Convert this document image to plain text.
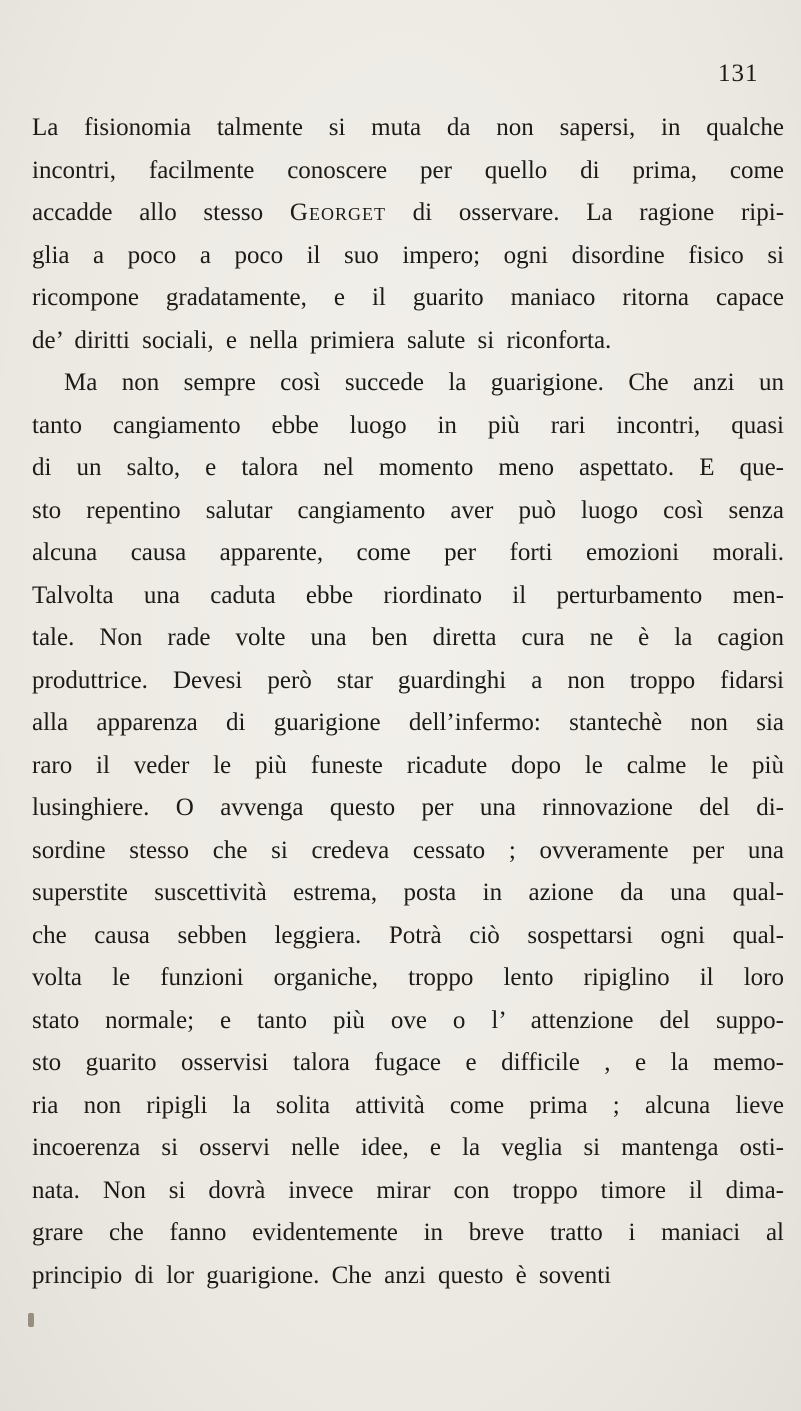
131
La fisionomia talmente si muta da non sapersi, in qualche
incontri, facilmente conoscere per quello di prima, come
accadde allo stesso Georget di osservare. La ragione ripi-
glia a poco a poco il suo impero; ogni disordine fisico si
ricompone gradatamente, e il guarito maniaco ritorna capace
de’ diritti sociali, e nella primiera salute si riconforta.
Ma non sempre così succede la guarigione. Che anzi un
tanto cangiamento ebbe luogo in più rari incontri, quasi
di un salto, e talora nel momento meno aspettato. E que-
sto repentino salutar cangiamento aver può luogo così senza
alcuna causa apparente, come per forti emozioni morali.
Talvolta una caduta ebbe riordinato il perturbamento men-
tale. Non rade volte una ben diretta cura ne è la cagion
produttrice. Devesi però star guardinghi a non troppo fidarsi
alla apparenza di guarigione dell’infermo: stantechè non sia
raro il veder le più funeste ricadute dopo le calme le più
lusinghiere. O avvenga questo per una rinnovazione del di-
sordine stesso che si credeva cessato ; ovveramente per una
superstite suscettività estrema, posta in azione da una qual-
che causa sebben leggiera. Potrà ciò sospettarsi ogni qual-
volta le funzioni organiche, troppo lento ripiglino il loro
stato normale; e tanto più ove o l’ attenzione del suppo-
sto guarito osservisi talora fugace e difficile , e la memo-
ria non ripigli la solita attività come prima ; alcuna lieve
incoerenza si osservi nelle idee, e la veglia si mantenga osti-
nata. Non si dovrà invece mirar con troppo timore il dima-
grare che fanno evidentemente in breve tratto i maniaci al
principio di lor guarigione. Che anzi questo è soventi
